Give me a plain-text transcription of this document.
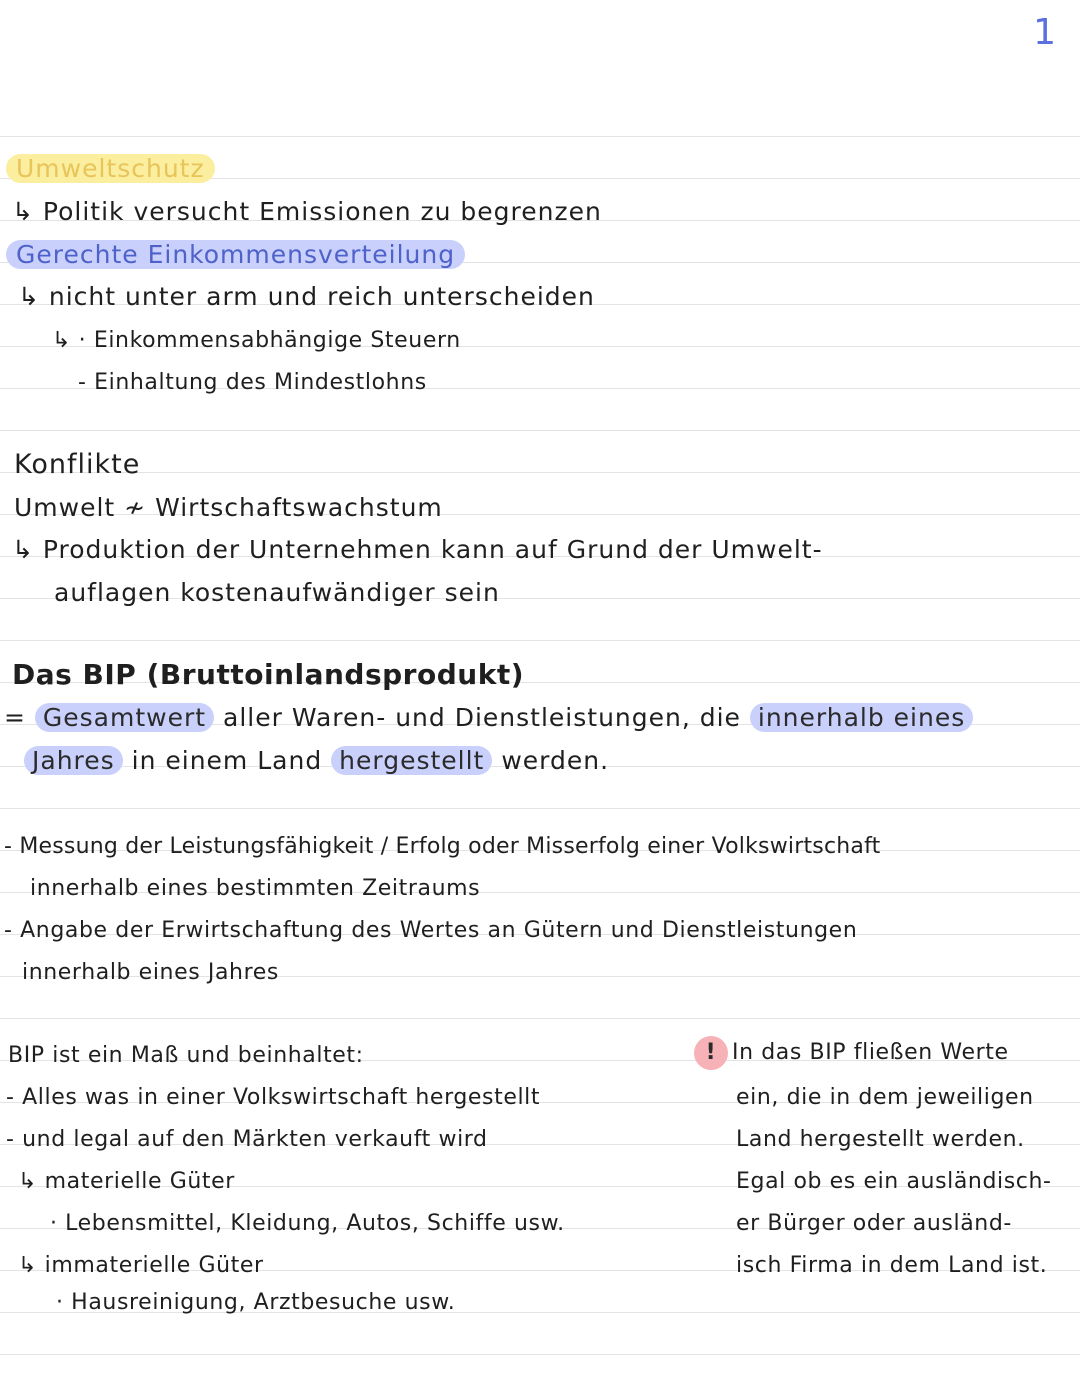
1
Umweltschutz
↳ Politik versucht Emissionen zu begrenzen
Gerechte Einkommensverteilung
↳ nicht unter arm und reich unterscheiden
↳ · Einkommensabhängige Steuern
- Einhaltung des Mindestlohns
Konflikte
Umwelt ≁ Wirtschaftswachstum
↳ Produktion der Unternehmen kann auf Grund der Umwelt-
auflagen kostenaufwändiger sein
Das BIP (Bruttoinlandsprodukt)
= Gesamtwert aller Waren- und Dienstleistungen, die innerhalb eines
Jahres in einem Land hergestellt werden.
- Messung der Leistungsfähigkeit / Erfolg oder Misserfolg einer Volkswirtschaft
innerhalb eines bestimmten Zeitraums
- Angabe der Erwirtschaftung des Wertes an Gütern und Dienstleistungen
innerhalb eines Jahres
BIP ist ein Maß und beinhaltet:
- Alles was in einer Volkswirtschaft hergestellt
- und legal auf den Märkten verkauft wird
↳ materielle Güter
· Lebensmittel, Kleidung, Autos, Schiffe usw.
↳ immaterielle Güter
· Hausreinigung, Arztbesuche usw.
! In das BIP fließen Werte
ein, die in dem jeweiligen
Land hergestellt werden.
Egal ob es ein ausländisch-
er Bürger oder ausländ-
isch Firma in dem Land ist.
